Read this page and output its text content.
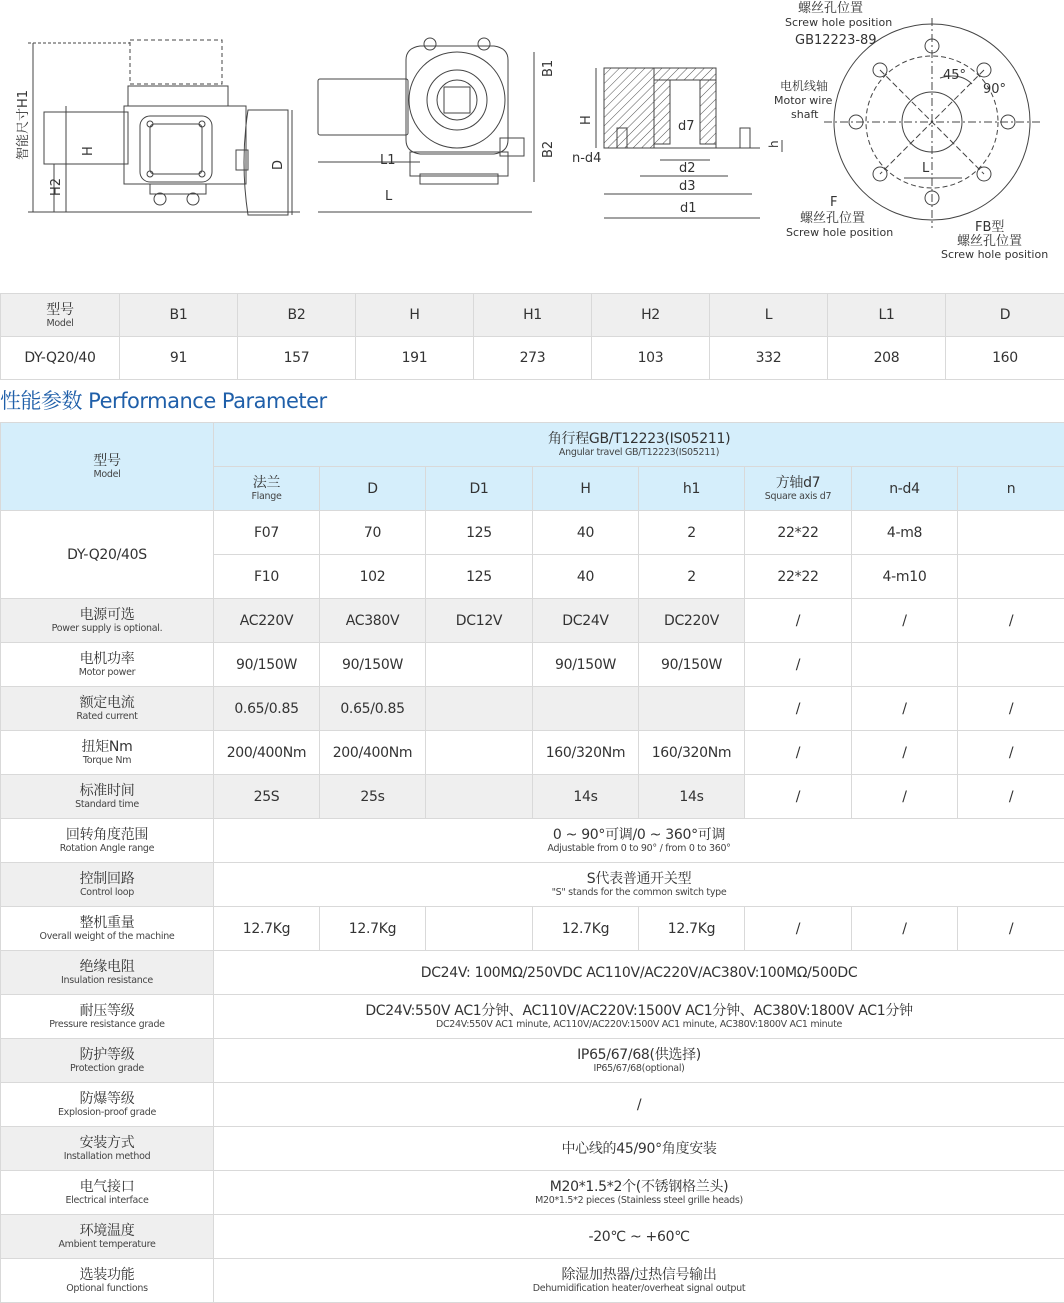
智能尺寸H1	H
H2
D	L1
L
B1
B2
H
n-d4
d7
d2
d3
d1
h
螺丝孔位置
Screw hole position
GB12223-89
电机线轴
Motor wire
shaft
45°
90°
L
F
螺丝孔位置
Screw hole position	FB型
螺丝孔位置
Screw hole position
型号
Model	B1	B2	H	H1	H2	L	L1	D
DY-Q20/40	91	157	191	273	103	332	208	160
性能参数 Performance Parameter
型号
Model	角行程GB/T12223(IS05211)
Angular travel GB/T12223(IS05211)							

	法兰
Flange	D	D1	H	h1	方轴d7
Square axis d7	n-d4	n
DY-Q20/40S	F07	70	125	40	2	22*22	4-m8	
	F10	102	125	40	2	22*22	4-m10	

电源可选
Power supply is optional.	AC220V	AC380V	DC12V	DC24V	DC220V	/	/	/

电机功率
Motor power	90/150W	90/150W		90/150W	90/150W	/		

额定电流
Rated current	0.65/0.85	0.65/0.85				/	/	/

扭矩Nm
Torque Nm	200/400Nm	200/400Nm		160/320Nm	160/320Nm	/	/	/

标准时间
Standard time	25S	25s		14s	14s	/	/	/

回转角度范围
Rotation Angle range	0 ~ 90°可调/0 ~ 360°可调
Adjustable from 0 to 90° / from 0 to 360°							

控制回路
Control loop	S代表普通开关型
"S" stands for the common switch type							

整机重量
Overall weight of the machine	12.7Kg	12.7Kg		12.7Kg	12.7Kg	/	/	/

绝缘电阻
Insulation resistance	DC24V: 100MΩ/250VDC AC110V/AC220V/AC380V:100MΩ/500DC							

耐压等级
Pressure resistance grade	DC24V:550V AC1分钟、AC110V/AC220V:1500V AC1分钟、AC380V:1800V AC1分钟
DC24V:550V AC1 minute, AC110V/AC220V:1500V AC1 minute, AC380V:1800V AC1 minute							

防护等级
Protection grade	IP65/67/68(供选择)
IP65/67/68(optional)							

防爆等级
Explosion-proof grade	/							

安装方式
Installation method	中心线的45/90°角度安装							

电气接口
Electrical interface	M20*1.5*2个(不锈钢格兰头)
M20*1.5*2 pieces (Stainless steel grille heads)							

环境温度
Ambient temperature	-20℃ ~ +60℃							

选装功能
Optional functions	除湿加热器/过热信号输出
Dehumidification heater/overheat signal output							
